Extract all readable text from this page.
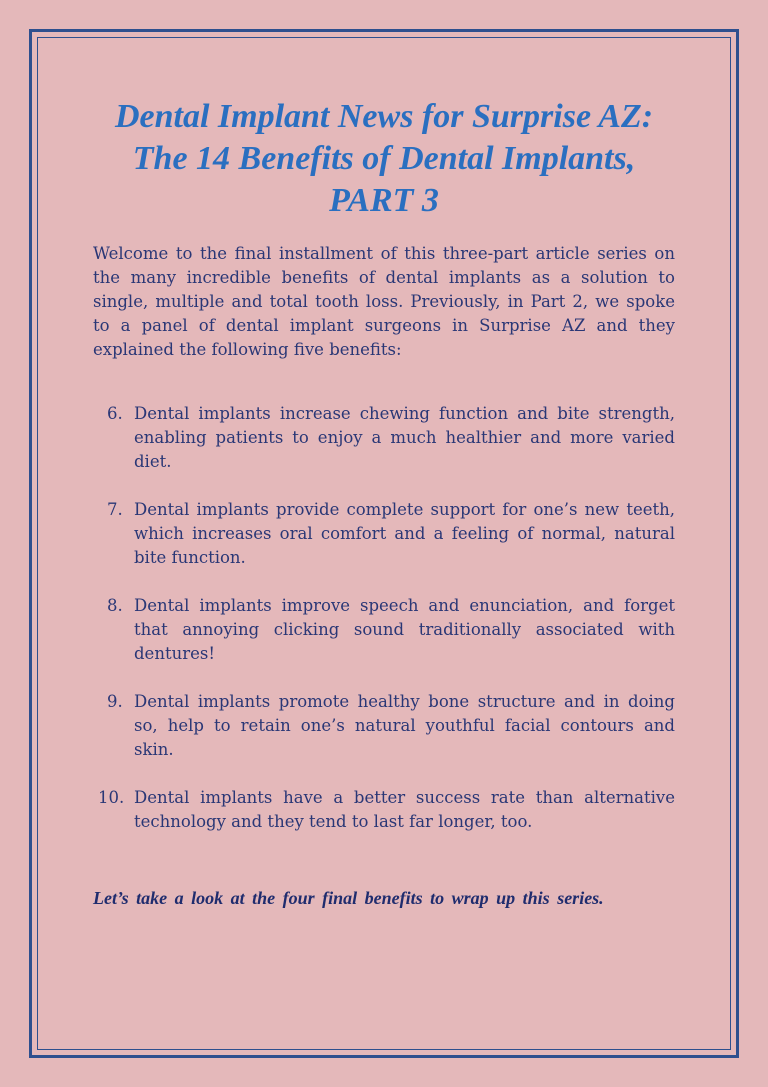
Dental Implant News for Surprise AZ:
The 14 Benefits of Dental Implants,
PART 3

Welcome to the final installment of this three-part article series on the many incredible benefits of dental implants as a solution to single, multiple and total tooth loss. Previously, in Part 2, we spoke to a panel of dental implant surgeons in Surprise AZ and they explained the following five benefits:

6. Dental implants increase chewing function and bite strength, enabling patients to enjoy a much healthier and more varied diet.
7. Dental implants provide complete support for one’s new teeth, which increases oral comfort and a feeling of normal, natural bite function.
8. Dental implants improve speech and enunciation, and forget that annoying clicking sound traditionally associated with dentures!
9. Dental implants promote healthy bone structure and in doing so, help to retain one’s natural youthful facial contours and skin.
10. Dental implants have a better success rate than alternative technology and they tend to last far longer, too.

Let’s take a look at the four final benefits to wrap up this series.
